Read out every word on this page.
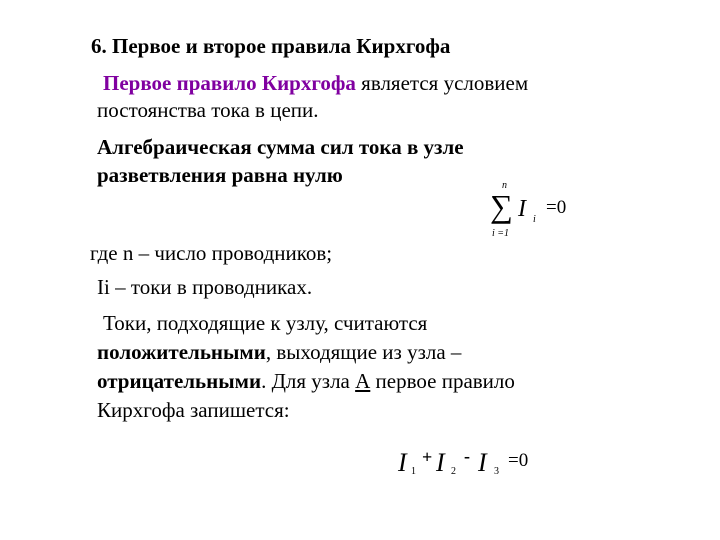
6. Первое и второе правила Кирхгофа
Первое правило Кирхгофа является условием
постоянства тока в цепи.
Алгебраическая сумма сил тока в узле
разветвления равна нулю	n
∑
i =1
I i
=0
где n – число проводников;
Ii – токи в проводниках.
Токи, подходящие к узлу, считаются
положительными, выходящие из узла –
отрицательными. Для узла А первое правило
Кирхгофа запишется:
I 1
+ I 2
- I 3
=0
